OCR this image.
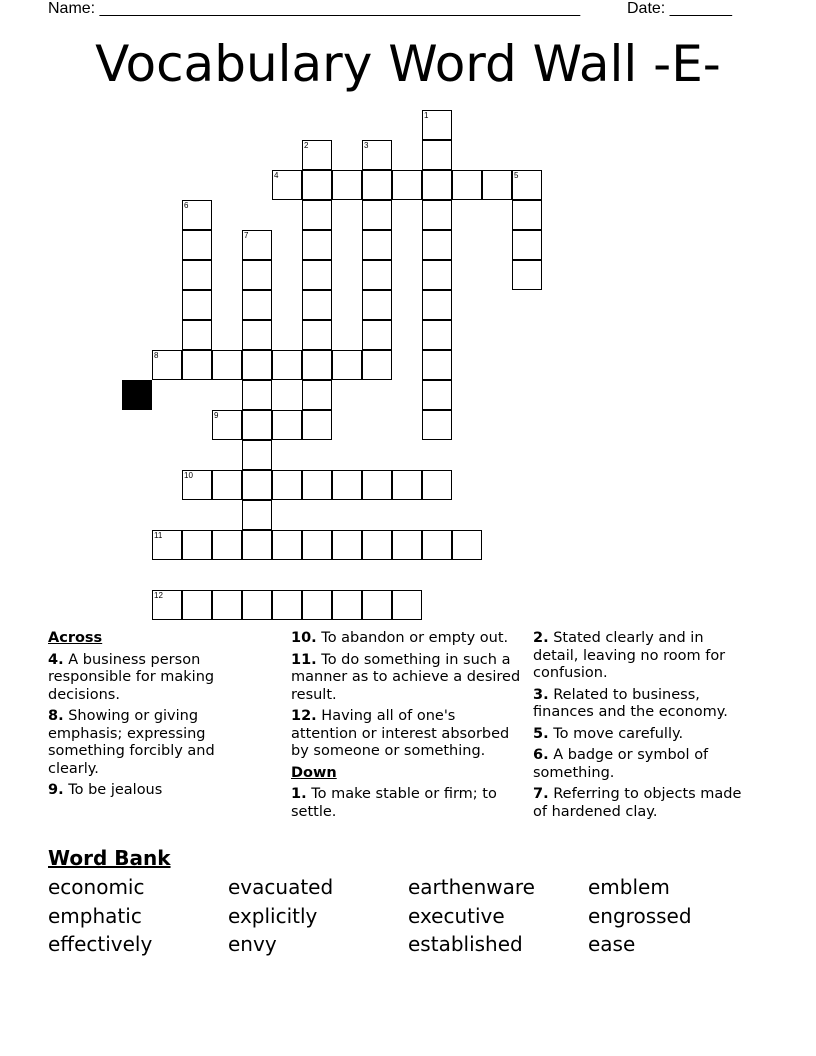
Name: ______________________________________________________	Date: _______
Vocabulary Word Wall -E-
1
2	3
4	5
6
7
8
9
10
11
12
Across
4. A business person responsible for making decisions.
8. Showing or giving emphasis; expressing something forcibly and clearly.
9. To be jealous
10. To abandon or empty out.
11. To do something in such a manner as to achieve a desired result.
12. Having all of one's attention or interest absorbed by someone or something.
Down
1. To make stable or firm; to settle.
2. Stated clearly and in detail, leaving no room for confusion.
3. Related to business, finances and the economy.
5. To move carefully.
6. A badge or symbol of something.
7. Referring to objects made of hardened clay.
Word Bank
economic	evacuated	earthenware	emblem
emphatic	explicitly	executive	engrossed
effectively	envy	established	ease
